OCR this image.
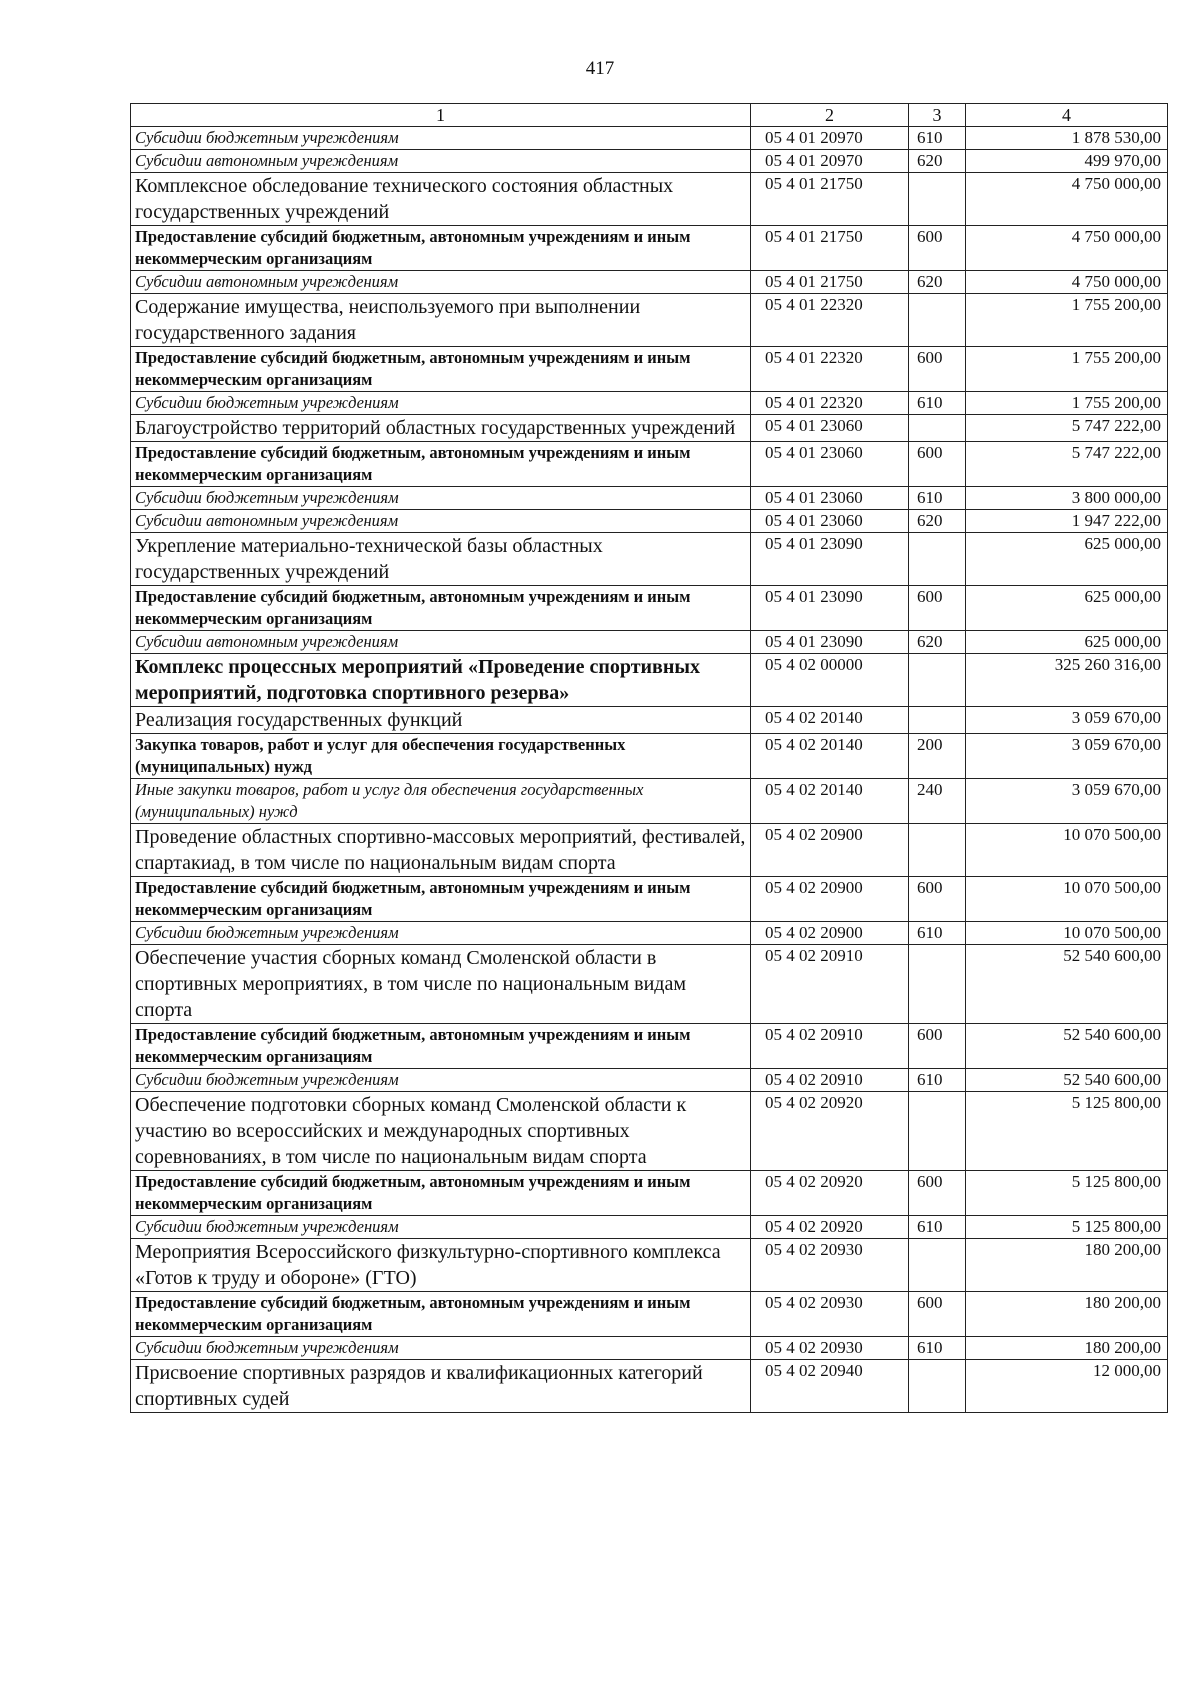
417
1	2	3	4
Субсидии бюджетным учреждениям	05 4 01 20970	610	1 878 530,00
Субсидии автономным учреждениям	05 4 01 20970	620	499 970,00
Комплексное обследование технического состояния областных государственных учреждений	05 4 01 21750		4 750 000,00
Предоставление субсидий бюджетным, автономным учреждениям и иным некоммерческим организациям	05 4 01 21750	600	4 750 000,00
Субсидии автономным учреждениям	05 4 01 21750	620	4 750 000,00
Содержание имущества, неиспользуемого при выполнении государственного задания	05 4 01 22320		1 755 200,00
Предоставление субсидий бюджетным, автономным учреждениям и иным некоммерческим организациям	05 4 01 22320	600	1 755 200,00
Субсидии бюджетным учреждениям	05 4 01 22320	610	1 755 200,00
Благоустройство территорий областных государственных учреждений	05 4 01 23060		5 747 222,00
Предоставление субсидий бюджетным, автономным учреждениям и иным некоммерческим организациям	05 4 01 23060	600	5 747 222,00
Субсидии бюджетным учреждениям	05 4 01 23060	610	3 800 000,00
Субсидии автономным учреждениям	05 4 01 23060	620	1 947 222,00
Укрепление материально-технической базы областных государственных учреждений	05 4 01 23090		625 000,00
Предоставление субсидий бюджетным, автономным учреждениям и иным некоммерческим организациям	05 4 01 23090	600	625 000,00
Субсидии автономным учреждениям	05 4 01 23090	620	625 000,00
Комплекс процессных мероприятий «Проведение спортивных мероприятий, подготовка спортивного резерва»	05 4 02 00000		325 260 316,00
Реализация государственных функций	05 4 02 20140		3 059 670,00
Закупка товаров, работ и услуг для обеспечения государственных (муниципальных) нужд	05 4 02 20140	200	3 059 670,00
Иные закупки товаров, работ и услуг для обеспечения государственных (муниципальных) нужд	05 4 02 20140	240	3 059 670,00
Проведение областных спортивно-массовых мероприятий, фестивалей, спартакиад, в том числе по национальным видам спорта	05 4 02 20900		10 070 500,00
Предоставление субсидий бюджетным, автономным учреждениям и иным некоммерческим организациям	05 4 02 20900	600	10 070 500,00
Субсидии бюджетным учреждениям	05 4 02 20900	610	10 070 500,00
Обеспечение участия сборных команд Смоленской области в спортивных мероприятиях, в том числе по национальным видам спорта	05 4 02 20910		52 540 600,00
Предоставление субсидий бюджетным, автономным учреждениям и иным некоммерческим организациям	05 4 02 20910	600	52 540 600,00
Субсидии бюджетным учреждениям	05 4 02 20910	610	52 540 600,00
Обеспечение подготовки сборных команд Смоленской области к участию во всероссийских и международных спортивных соревнованиях, в том числе по национальным видам спорта	05 4 02 20920		5 125 800,00
Предоставление субсидий бюджетным, автономным учреждениям и иным некоммерческим организациям	05 4 02 20920	600	5 125 800,00
Субсидии бюджетным учреждениям	05 4 02 20920	610	5 125 800,00
Мероприятия Всероссийского физкультурно-спортивного комплекса «Готов к труду и обороне» (ГТО)	05 4 02 20930		180 200,00
Предоставление субсидий бюджетным, автономным учреждениям и иным некоммерческим организациям	05 4 02 20930	600	180 200,00
Субсидии бюджетным учреждениям	05 4 02 20930	610	180 200,00
Присвоение спортивных разрядов и квалификационных категорий спортивных судей	05 4 02 20940		12 000,00
